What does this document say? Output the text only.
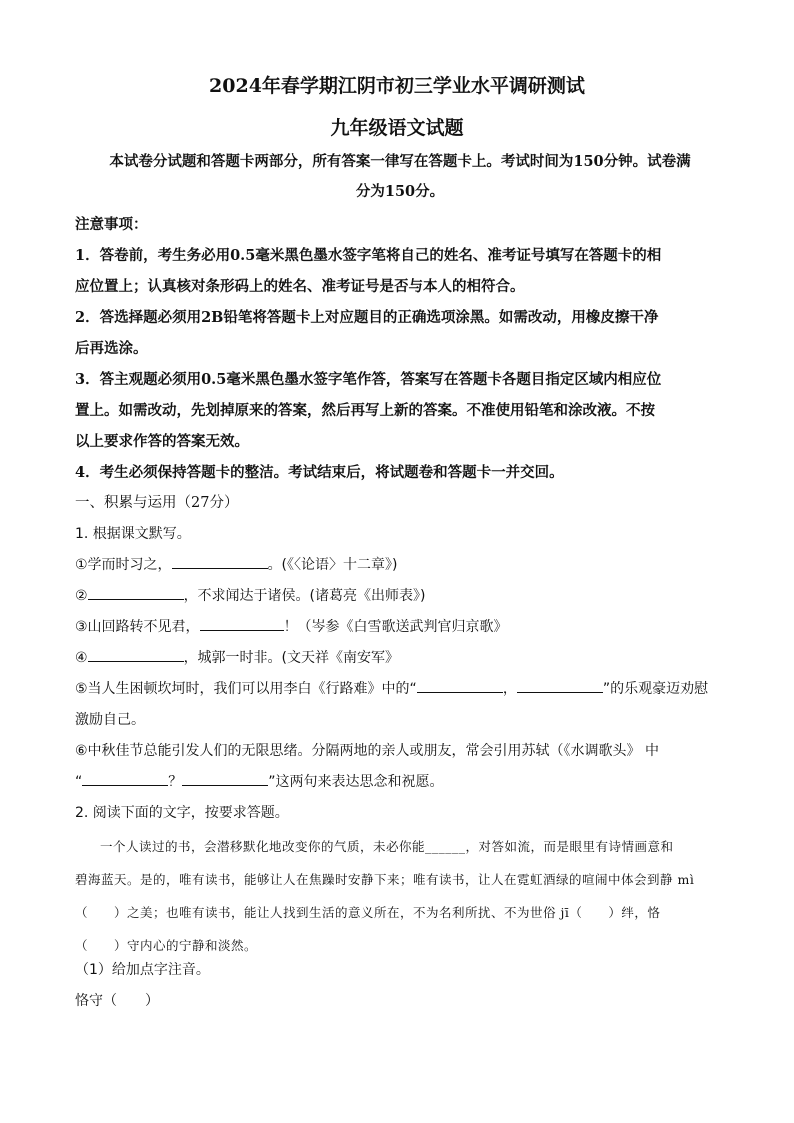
2024年春学期江阴市初三学业水平调研测试
九年级语文试题
本试卷分试题和答题卡两部分，所有答案一律写在答题卡上。考试时间为150分钟。试卷满
分为150分。
注意事项：
1．答卷前，考生务必用0.5毫米黑色墨水签字笔将自己的姓名、准考证号填写在答题卡的相
应位置上；认真核对条形码上的姓名、准考证号是否与本人的相符合。
2．答选择题必须用2B铅笔将答题卡上对应题目的正确选项涂黑。如需改动，用橡皮擦干净
后再选涂。
3．答主观题必须用0.5毫米黑色墨水签字笔作答，答案写在答题卡各题目指定区域内相应位
置上。如需改动，先划掉原来的答案，然后再写上新的答案。不准使用铅笔和涂改液。不按
以上要求作答的答案无效。
4．考生必须保持答题卡的整洁。考试结束后，将试题卷和答题卡一并交回。
一、积累与运用（27分）
1. 根据课文默写。
①学而时习之，	。(《〈论语〉十二章》)
②	，不求闻达于诸侯。(诸葛亮《出师表》)
③山回路转不见君，	！（岑参《白雪歌送武判官归京歌》
④	，城郭一时非。(文天祥《南安军》
⑤当人生困顿坎坷时，我们可以用李白《行路难》中的“	，	”的乐观豪迈劝慰
激励自己。
⑥中秋佳节总能引发人们的无限思绪。分隔两地的亲人或朋友，常会引用苏轼（《水调歌头》 中
“	？	”这两句来表达思念和祝愿。
2. 阅读下面的文字，按要求答题。
一个人读过的书，会潜移默化地改变你的气质，未必你能______，对答如流，而是眼里有诗情画意和
碧海蓝天。是的，唯有读书，能够让人在焦躁时安静下来；唯有读书，让人在霓虹酒绿的喧闹中体会到静 mì
（　　）之美；也唯有读书，能让人找到生活的意义所在，不为名利所扰、不为世俗 jī（　　）绊，恪
（　　）守内心的宁静和淡然。
（1）给加点字注音。
恪守（　　）
